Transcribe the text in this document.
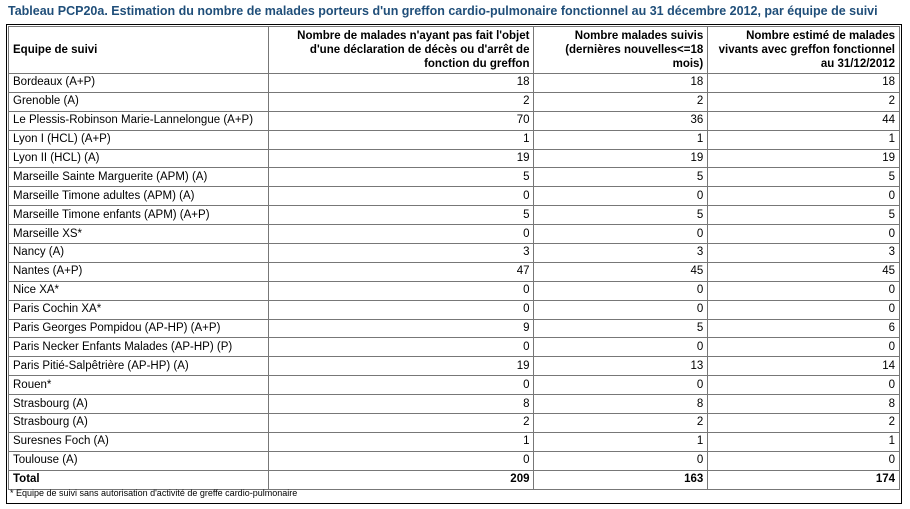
Tableau PCP20a. Estimation du nombre de malades porteurs d'un greffon cardio-pulmonaire fonctionnel au 31 décembre 2012, par équipe de suivi
Equipe de suivi	Nombre de malades n'ayant pas fait l'objet d'une déclaration de décès ou d'arrêt de fonction du greffon	Nombre malades suivis (dernières nouvelles<=18 mois)	Nombre estimé de malades vivants avec greffon fonctionnel au 31/12/2012
Bordeaux (A+P)	18	18	18
Grenoble (A)	2	2	2
Le Plessis-Robinson Marie-Lannelongue (A+P)	70	36	44
Lyon I (HCL) (A+P)	1	1	1
Lyon II (HCL) (A)	19	19	19
Marseille Sainte Marguerite (APM) (A)	5	5	5
Marseille Timone adultes (APM) (A)	0	0	0
Marseille Timone enfants (APM) (A+P)	5	5	5
Marseille XS*	0	0	0
Nancy (A)	3	3	3
Nantes (A+P)	47	45	45
Nice XA*	0	0	0
Paris Cochin XA*	0	0	0
Paris Georges Pompidou (AP-HP) (A+P)	9	5	6
Paris Necker Enfants Malades (AP-HP) (P)	0	0	0
Paris Pitié-Salpêtrière (AP-HP) (A)	19	13	14
Rouen*	0	0	0
Strasbourg (A)	8	8	8
Strasbourg (A)	2	2	2
Suresnes Foch (A)	1	1	1
Toulouse (A)	0	0	0
Total	209	163	174
* Equipe de suivi sans autorisation d'activité de greffe cardio-pulmonaire
